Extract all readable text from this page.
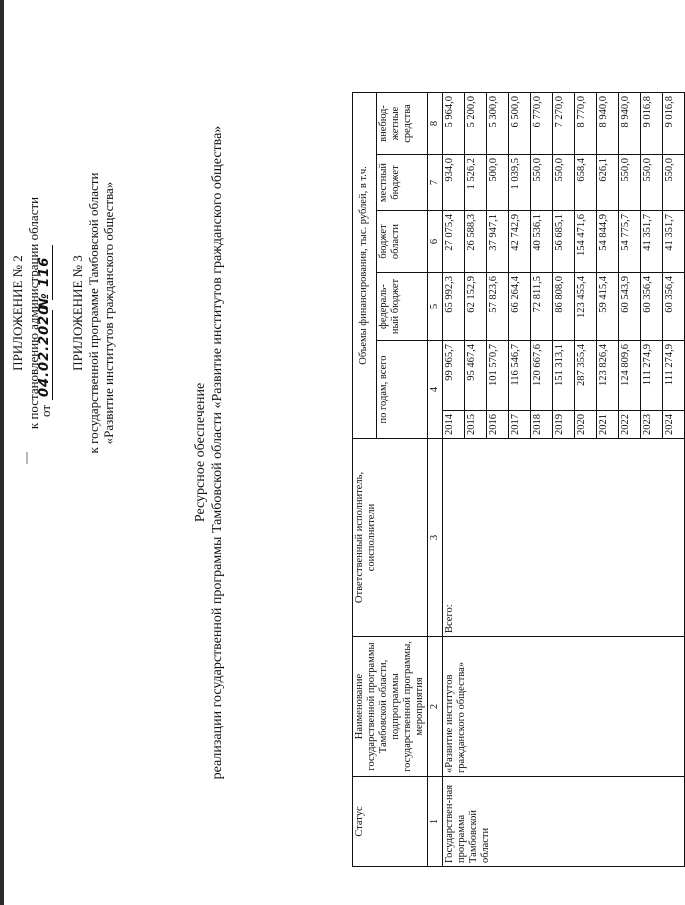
ПРИЛОЖЕНИЕ № 2 к постановлению администрации области
от
04.02.2020
№ 116 ПРИЛОЖЕНИЕ № 3 к государственной программе Тамбовской области «Развитие институтов гражданского общества»
Ресурсное обеспечение реализации государственной программы Тамбовской области «Развитие институтов гражданского общества»
Статус	Наименование государственной программы Тамбовской области, подпрограммы государственной программы, мероприятия	Ответственный исполнитель, соисполнители	Объемы финансирования, тыс. рублей, в т.ч.					
			по годам, всего		федераль-ный бюджет	бюджет области	местный бюджет	внебюд-жетные средства
1	2	3	4		5	6	7	8
Государствен-ная программа Тамбовской области	«Развитие институтов гражданского общества»	Всего:	2014	99 965,7	65 992,3	27 075,4	934,0	5 964,0
			2015	95 467,4	62 152,9	26 588,3	1 526,2	5 200,0
			2016	101 570,7	57 823,6	37 947,1	500,0	5 300,0
			2017	116 546,7	66 264,4	42 742,9	1 039,5	6 500,0
			2018	120 667,6	72 811,5	40 536,1	550,0	6 770,0
			2019	151 313,1	86 808,0	56 685,1	550,0	7 270,0
			2020	287 355,4	123 455,4	154 471,6	658,4	8 770,0
			2021	123 826,4	59 415,4	54 844,9	626,1	8 940,0
			2022	124 809,6	60 543,9	54 775,7	550,0	8 940,0
			2023	111 274,9	60 356,4	41 351,7	550,0	9 016,8
			2024	111 274,9	60 356,4	41 351,7	550,0	9 016,8
